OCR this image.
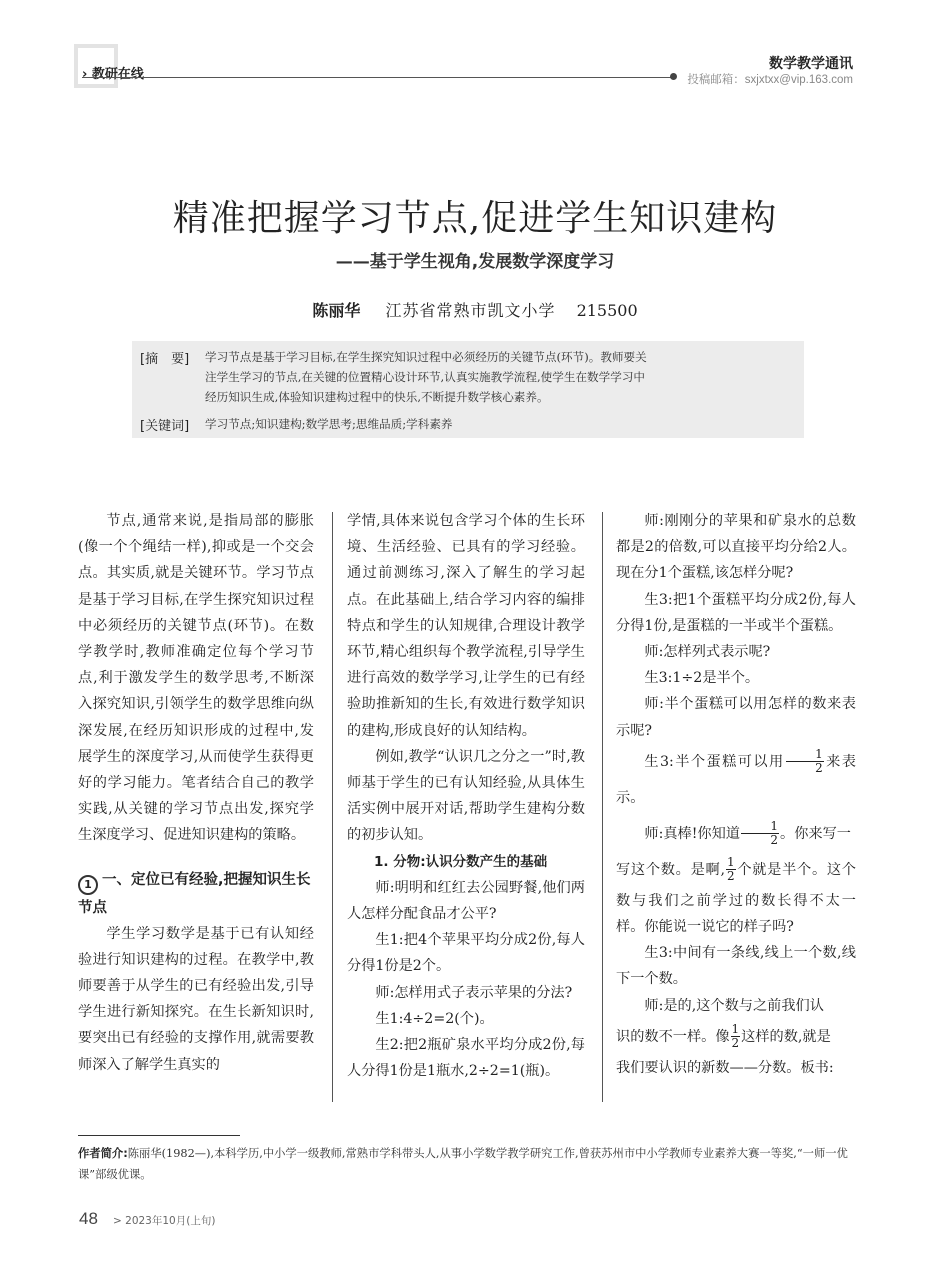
› 教研在线
数学教学通讯
投稿邮箱：sxjxtxx@vip.163.com
精准把握学习节点,促进学生知识建构
——基于学生视角,发展数学深度学习
陈丽华 江苏省常熟市凯文小学 215500
[摘　要] 学习节点是基于学习目标,在学生探究知识过程中必须经历的关键节点(环节)。教师要关
注学生学习的节点,在关键的位置精心设计环节,认真实施教学流程,使学生在数学学习中
经历知识生成,体验知识建构过程中的快乐,不断提升数学核心素养。
[关键词] 学习节点;知识建构;数学思考;思维品质;学科素养

节点,通常来说,是指局部的膨胀(像一个个绳结一样),抑或是一个交会点。其实质,就是关键环节。学习节点是基于学习目标,在学生探究知识过程中必须经历的关键节点(环节)。在数学教学时,教师准确定位每个学习节点,利于激发学生的数学思考,不断深入探究知识,引领学生的数学思维向纵深发展,在经历知识形成的过程中,发展学生的深度学习,从而使学生获得更好的学习能力。笔者结合自己的教学实践,从关键的学习节点出发,探究学生深度学习、促进知识建构的策略。

1 一、定位已有经验,把握知识生长节点

学生学习数学是基于已有认知经验进行知识建构的过程。在教学中,教师要善于从学生的已有经验出发,引导学生进行新知探究。在生长新知识时,要突出已有经验的支撑作用,就需要教师深入了解学生真实的

学情,具体来说包含学习个体的生长环境、生活经验、已具有的学习经验。通过前测练习,深入了解生的学习起点。在此基础上,结合学习内容的编排特点和学生的认知规律,合理设计教学环节,精心组织每个教学流程,引导学生进行高效的数学学习,让学生的已有经验助推新知的生长,有效进行数学知识的建构,形成良好的认知结构。

例如,教学“认识几之分之一”时,教师基于学生的已有认知经验,从具体生活实例中展开对话,帮助学生建构分数的初步认知。

1. 分物:认识分数产生的基础

师:明明和红红去公园野餐,他们两人怎样分配食品才公平?

生1:把4个苹果平均分成2份,每人分得1份是2个。

师:怎样用式子表示苹果的分法?

生1:4÷2=2(个)。

生2:把2瓶矿泉水平均分成2份,每人分得1份是1瓶水,2÷2=1(瓶)。

师:刚刚分的苹果和矿泉水的总数都是2的倍数,可以直接平均分给2人。现在分1个蛋糕,该怎样分呢?

生3:把1个蛋糕平均分成2份,每人分得1份,是蛋糕的一半或半个蛋糕。

师:怎样列式表示呢?

生3:1÷2是半个。

师:半个蛋糕可以用怎样的数来表示呢?

生3:半个蛋糕可以用 $\frac{1}{2}$ 来表示。

师:真棒!你知道 $\frac{1}{2}$ 。你来写一

写这个数。是啊, $\frac{1}{2}$ 个就是半个。这个数与我们之前学过的数长得不太一样。你能说一说它的样子吗?

生3:中间有一条线,线上一个数,线下一个数。

师:是的,这个数与之前我们认

识的数不一样。像 $\frac{1}{2}$ 这样的数,就是

我们要认识的新数——分数。板书:

作者简介:陈丽华(1982—),本科学历,中小学一级教师,常熟市学科带头人,从事小学数学教学研究工作,曾获苏州市中小学教师专业素养大赛一等奖,“一师一优课”部级优课。
48 > 2023年10月(上旬)
